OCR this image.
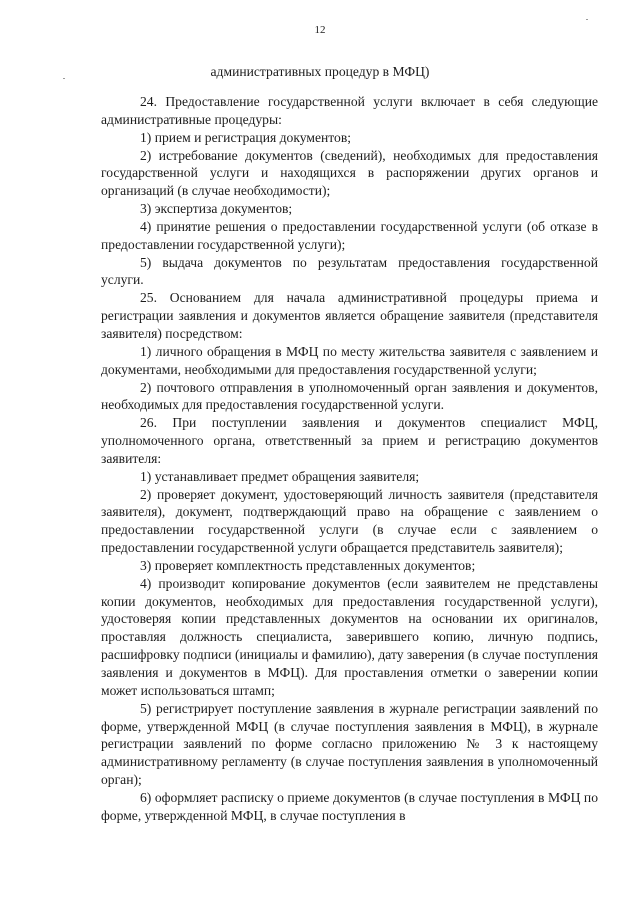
12
административных процедур в МФЦ)

24. Предоставление государственной услуги включает в себя следующие административные процедуры:

1) прием и регистрация документов;

2) истребование документов (сведений), необходимых для предоставления государственной услуги и находящихся в распоряжении других органов и организаций (в случае необходимости);

3) экспертиза документов;

4) принятие решения о предоставлении государственной услуги (об отказе в предоставлении государственной услуги);

5) выдача документов по результатам предоставления государственной услуги.

25. Основанием для начала административной процедуры приема и регистрации заявления и документов является обращение заявителя (представителя заявителя) посредством:

1) личного обращения в МФЦ по месту жительства заявителя с заявлением и документами, необходимыми для предоставления государственной услуги;

2) почтового отправления в уполномоченный орган заявления и документов, необходимых для предоставления государственной услуги.

26. При поступлении заявления и документов специалист МФЦ, уполномоченного органа, ответственный за прием и регистрацию документов заявителя:

1) устанавливает предмет обращения заявителя;

2) проверяет документ, удостоверяющий личность заявителя (представителя заявителя), документ, подтверждающий право на обращение с заявлением о предоставлении государственной услуги (в случае если с заявлением о предоставлении государственной услуги обращается представитель заявителя);

3) проверяет комплектность представленных документов;

4) производит копирование документов (если заявителем не представлены копии документов, необходимых для предоставления государственной услуги), удостоверяя копии представленных документов на основании их оригиналов, проставляя должность специалиста, заверившего копию, личную подпись, расшифровку подписи (инициалы и фамилию), дату заверения (в случае поступления заявления и документов в МФЦ). Для проставления отметки о заверении копии может использоваться штамп;

5) регистрирует поступление заявления в журнале регистрации заявлений по форме, утвержденной МФЦ (в случае поступления заявления в МФЦ), в журнале регистрации заявлений по форме согласно приложению № 3 к настоящему административному регламенту (в случае поступления заявления в уполномоченный орган);

6) оформляет расписку о приеме документов (в случае поступления в МФЦ по форме, утвержденной МФЦ, в случае поступления в
